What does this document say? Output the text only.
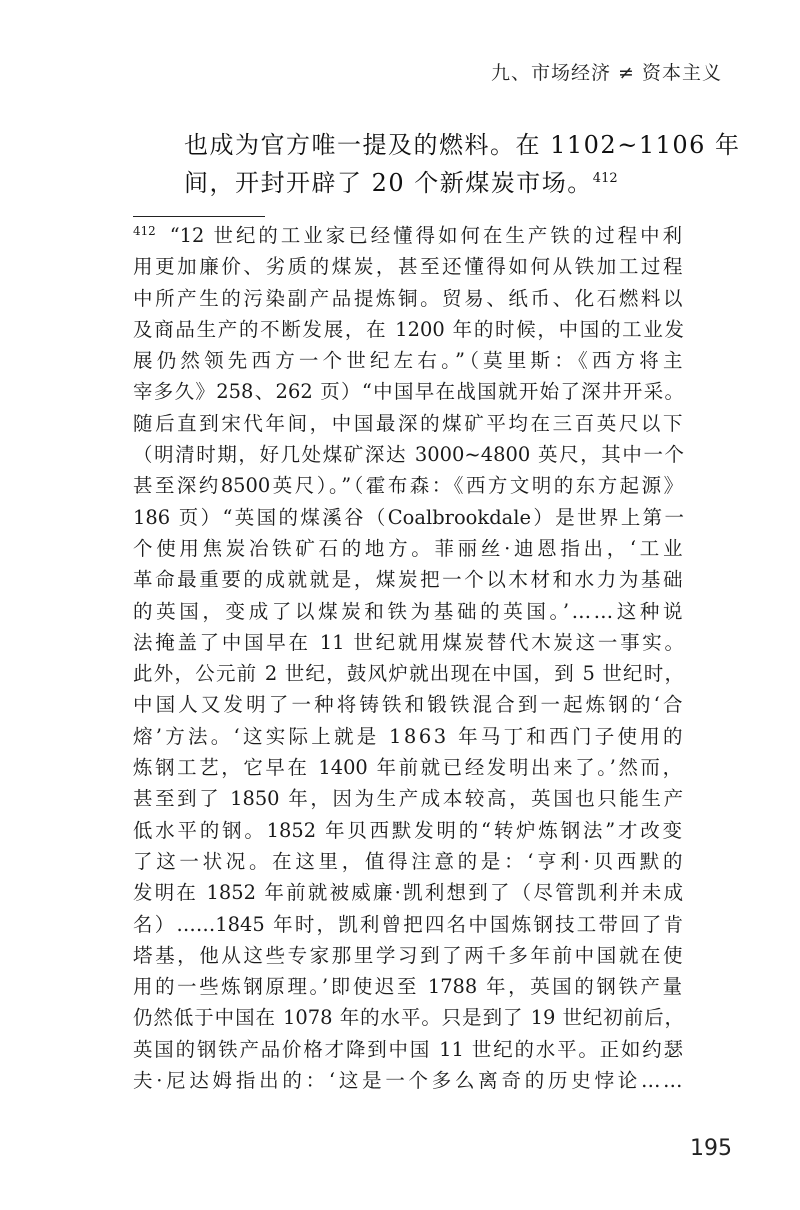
九、市场经济 ≠ 资本主义
也成为官方唯一提及的燃料。在 1102~1106 年
间，开封开辟了 20 个新煤炭市场。$^{412}$
$^{412}$ “12 世纪的工业家已经懂得如何在生产铁的过程中利
用更加廉价、劣质的煤炭，甚至还懂得如何从铁加工过程
中所产生的污染副产品提炼铜。贸易、纸币、化石燃料以
及商品生产的不断发展，在 1200 年的时候，中国的工业发
展仍然领先西方一个世纪左右。”（莫里斯：《西方将主
宰多久》258、262 页）“中国早在战国就开始了深井开采。
随后直到宋代年间，中国最深的煤矿平均在三百英尺以下
（明清时期，好几处煤矿深达 3000~4800 英尺，其中一个
甚至深约8500英尺）。”（霍布森：《西方文明的东方起源》
186 页）“英国的煤溪谷（Coalbrookdale）是世界上第一
个使用焦炭冶铁矿石的地方。菲丽丝·迪恩指出，‘工业
革命最重要的成就就是，煤炭把一个以木材和水力为基础
的英国，变成了以煤炭和铁为基础的英国。’……这种说
法掩盖了中国早在 11 世纪就用煤炭替代木炭这一事实。
此外，公元前 2 世纪，鼓风炉就出现在中国，到 5 世纪时，
中国人又发明了一种将铸铁和锻铁混合到一起炼钢的‘合
熔’方法。‘这实际上就是 1863 年马丁和西门子使用的
炼钢工艺，它早在 1400 年前就已经发明出来了。’然而，
甚至到了 1850 年，因为生产成本较高，英国也只能生产
低水平的钢。1852 年贝西默发明的“转炉炼钢法”才改变
了这一状况。在这里，值得注意的是：‘亨利·贝西默的
发明在 1852 年前就被威廉·凯利想到了（尽管凯利并未成
名）……1845 年时，凯利曾把四名中国炼钢技工带回了肯
塔基，他从这些专家那里学习到了两千多年前中国就在使
用的一些炼钢原理。’即使迟至 1788 年，英国的钢铁产量
仍然低于中国在 1078 年的水平。只是到了 19 世纪初前后，
英国的钢铁产品价格才降到中国 11 世纪的水平。正如约瑟
夫·尼达姆指出的：‘这是一个多么离奇的历史悖论……
195
